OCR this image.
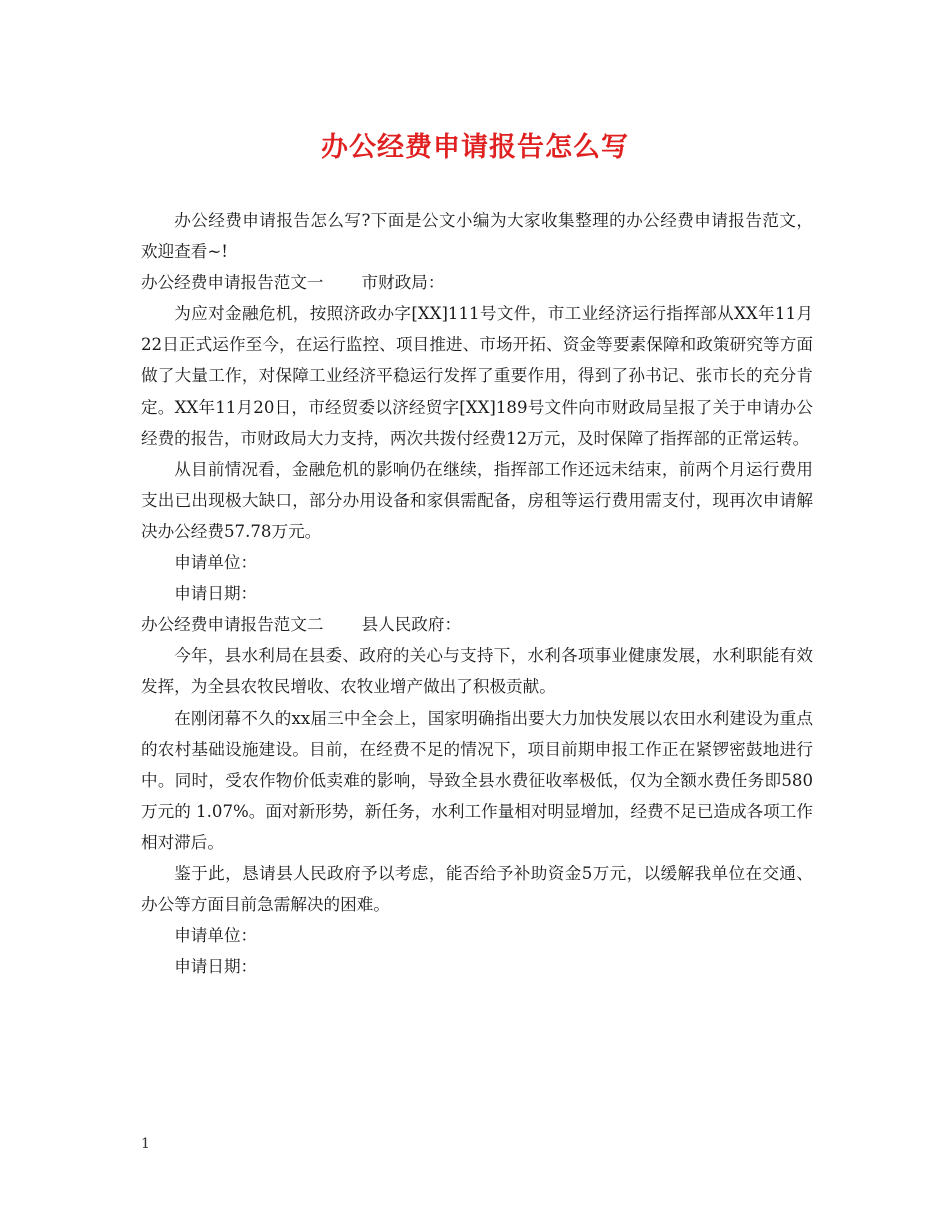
办公经费申请报告怎么写

办公经费申请报告怎么写?下面是公文小编为大家收集整理的办公经费申请报告范文，欢迎查看~!

办公经费申请报告范文一 市财政局：

为应对金融危机，按照济政办字[XX]111号文件，市工业经济运行指挥部从XX年11月22日正式运作至今，在运行监控、项目推进、市场开拓、资金等要素保障和政策研究等方面做了大量工作，对保障工业经济平稳运行发挥了重要作用，得到了孙书记、张市长的充分肯定。XX年11月20日，市经贸委以济经贸字[XX]189号文件向市财政局呈报了关于申请办公经费的报告，市财政局大力支持，两次共拨付经费12万元，及时保障了指挥部的正常运转。

从目前情况看，金融危机的影响仍在继续，指挥部工作还远未结束，前两个月运行费用支出已出现极大缺口，部分办用设备和家俱需配备，房租等运行费用需支付，现再次申请解决办公经费57.78万元。

申请单位：

申请日期：

办公经费申请报告范文二 县人民政府：

今年，县水利局在县委、政府的关心与支持下，水利各项事业健康发展，水利职能有效发挥，为全县农牧民增收、农牧业增产做出了积极贡献。

在刚闭幕不久的xx届三中全会上，国家明确指出要大力加快发展以农田水利建设为重点的农村基础设施建设。目前，在经费不足的情况下，项目前期申报工作正在紧锣密鼓地进行中。同时，受农作物价低卖难的影响，导致全县水费征收率极低，仅为全额水费任务即580万元的 1.07%。面对新形势，新任务，水利工作量相对明显增加，经费不足已造成各项工作相对滞后。

鉴于此，恳请县人民政府予以考虑，能否给予补助资金5万元，以缓解我单位在交通、办公等方面目前急需解决的困难。

申请单位：

申请日期：

1
